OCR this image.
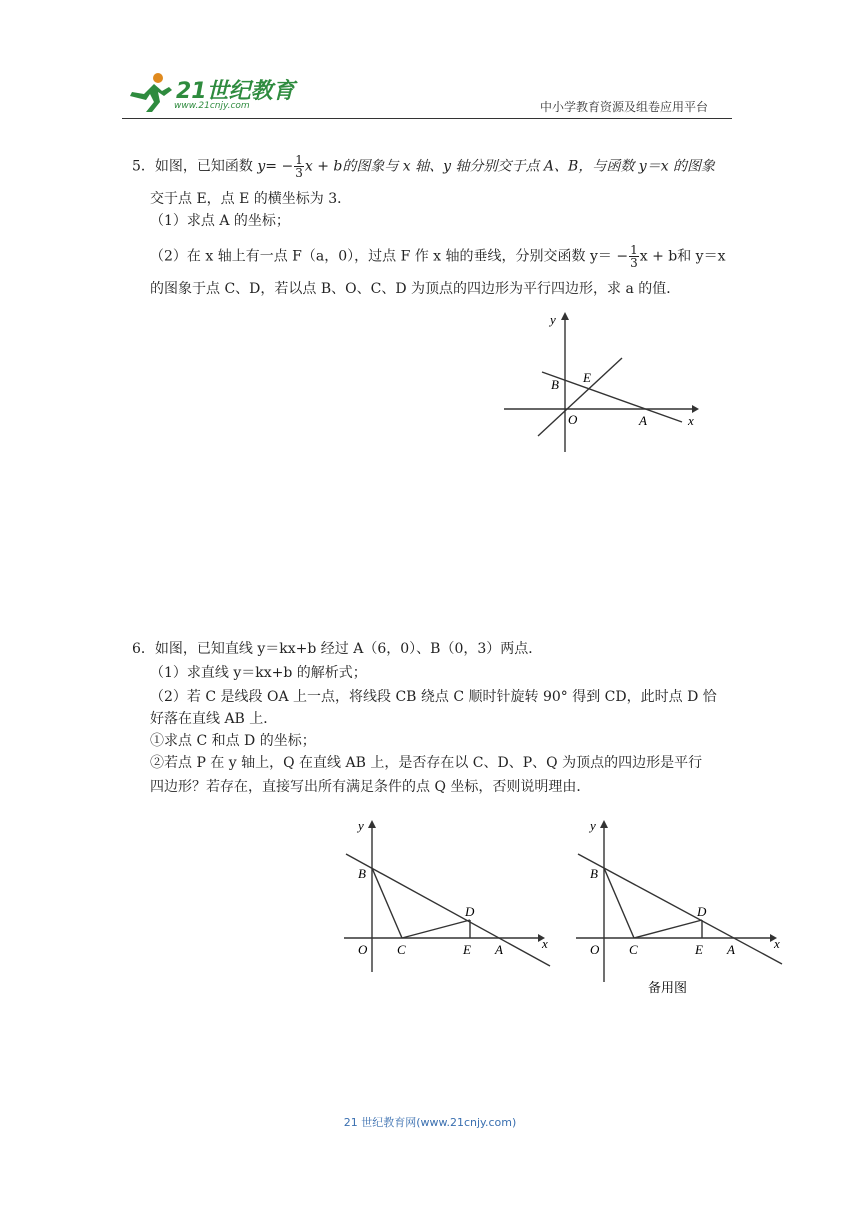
21世纪教育
www.21cnjy.com	中小学教育资源及组卷应用平台
5．如图，已知函数 $y= - \frac{1}{3}$ x + b的图象与 x 轴、y 轴分别交于点 A、B，与函数 y＝x 的图象
交于点 E，点 E 的横坐标为 3．
（1）求点 A 的坐标；
（2）在 x 轴上有一点 F（a，0），过点 F 作 x 轴的垂线，分别交函数 $y= - \frac{1}{3}$ x + b和 y＝x
的图象于点 C、D，若以点 B、O、C、D 为顶点的四边形为平行四边形，求 a 的值．
y
x
B E
O	A
6．如图，已知直线 y＝kx+b 经过 A（6，0）、B（0，3）两点．
（1）求直线 y＝kx+b 的解析式；
（2）若 C 是线段 OA 上一点，将线段 CB 绕点 C 顺时针旋转 90° 得到 CD，此时点 D 恰
好落在直线 AB 上．
①求点 C 和点 D 的坐标；
②若点 P 在 y 轴上，Q 在直线 AB 上，是否存在以 C、D、P、Q 为顶点的四边形是平行
四边形？若存在，直接写出所有满足条件的点 Q 坐标，否则说明理由．
y
x
B
D
O C	E A
y
x
B
D
O C	E A
备用图
21 世纪教育网(www.21cnjy.com)
